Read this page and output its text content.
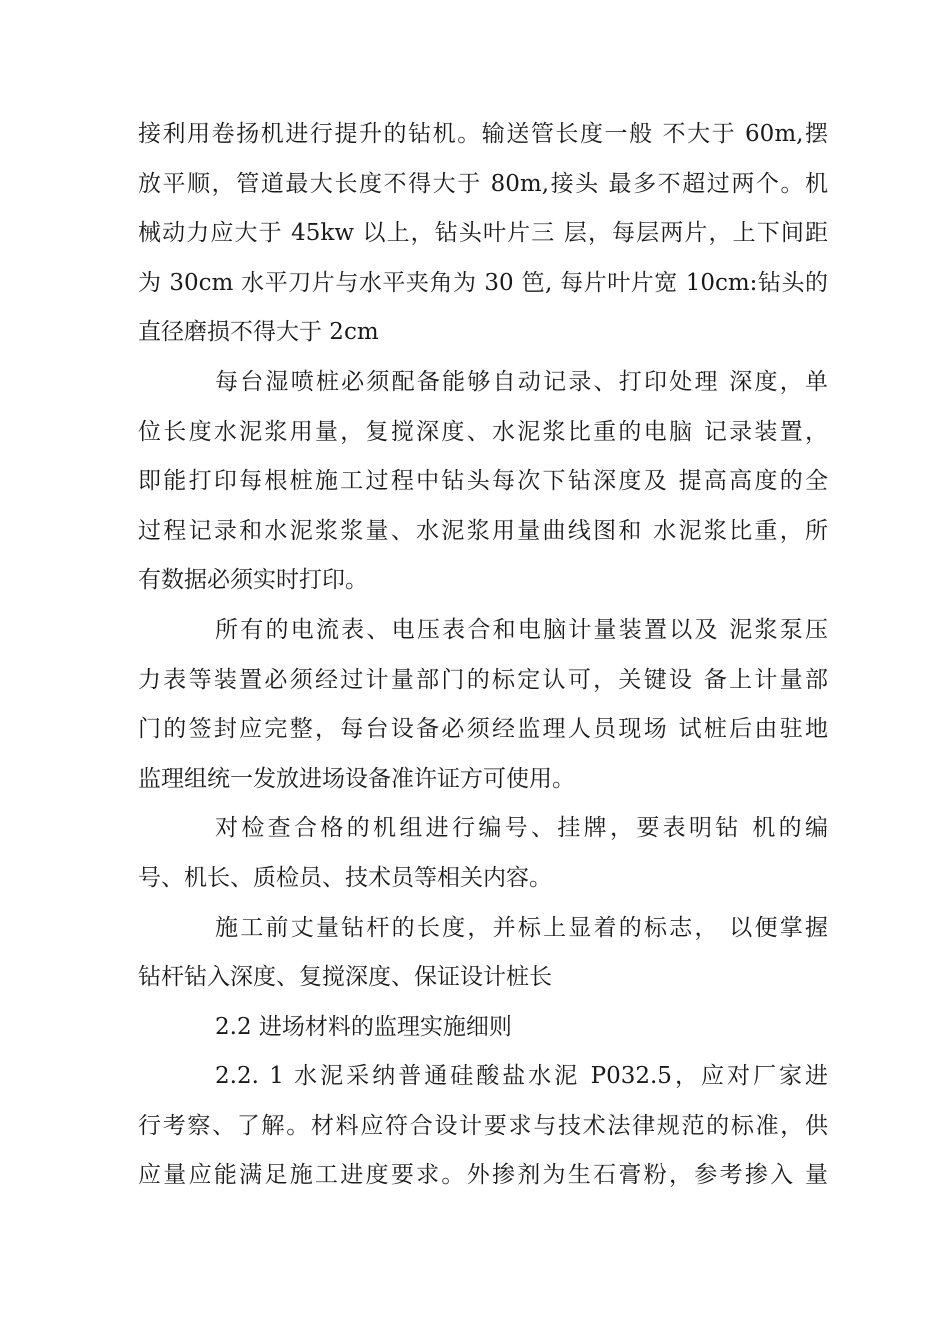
接利用卷扬机进行提升的钻机。输送管长度一般 不大于 60m,摆
放平顺，管道最大长度不得大于 80m,接头 最多不超过两个。机
械动力应大于 45kw 以上，钻头叶片三 层，每层两片，上下间距
为 30cm 水平刀片与水平夹角为 30 笆, 每片叶片宽 10cm:钻头的
直径磨损不得大于 2cm
每台湿喷桩必须配备能够自动记录、打印处理 深度，单
位长度水泥浆用量，复搅深度、水泥浆比重的电脑 记录装置，
即能打印每根桩施工过程中钻头每次下钻深度及 提高高度的全
过程记录和水泥浆浆量、水泥浆用量曲线图和 水泥浆比重，所
有数据必须实时打印。
所有的电流表、电压表合和电脑计量装置以及 泥浆泵压
力表等装置必须经过计量部门的标定认可，关键设 备上计量部
门的签封应完整，每台设备必须经监理人员现场 试桩后由驻地
监理组统一发放进场设备准许证方可使用。
对检查合格的机组进行编号、挂牌，要表明钻 机的编
号、机长、质检员、技术员等相关内容。
施工前丈量钻杆的长度，并标上显着的标志， 以便掌握
钻杆钻入深度、复搅深度、保证设计桩长
2.2 进场材料的监理实施细则
2.2. 1 水泥采纳普通硅酸盐水泥 P032.5，应对厂家进
行考察、了解。材料应符合设计要求与技术法律规范的标准，供
应量应能满足施工进度要求。外掺剂为生石膏粉，参考掺入 量
